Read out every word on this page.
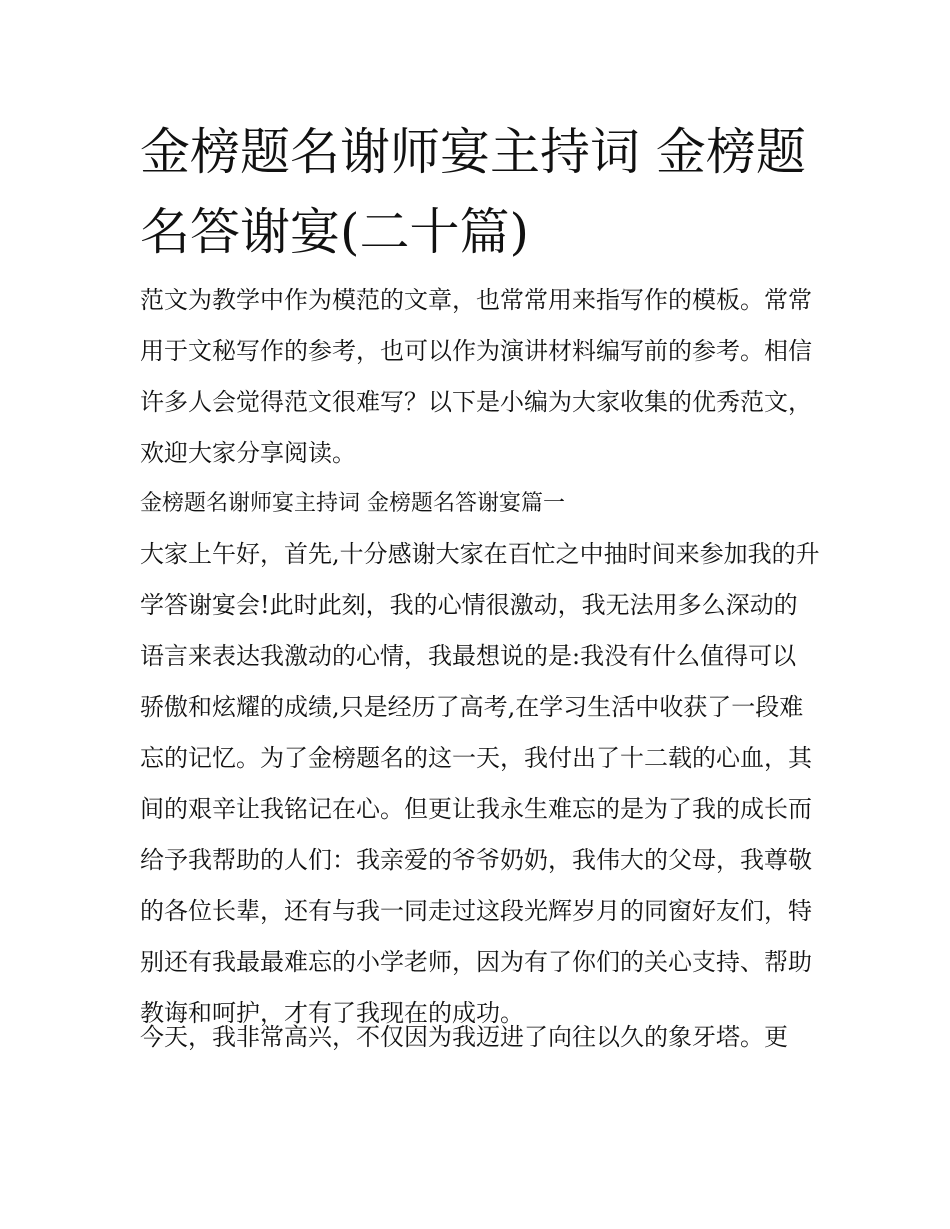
金榜题名谢师宴主持词 金榜题名答谢宴(二十篇)

范文为教学中作为模范的文章，也常常用来指写作的模板。常常用于文秘写作的参考，也可以作为演讲材料编写前的参考。相信许多人会觉得范文很难写？以下是小编为大家收集的优秀范文，欢迎大家分享阅读。

金榜题名谢师宴主持词 金榜题名答谢宴篇一

大家上午好，首先,十分感谢大家在百忙之中抽时间来参加我的升学答谢宴会!此时此刻，我的心情很激动，我无法用多么深动的语言来表达我激动的心情，我最想说的是:我没有什么值得可以骄傲和炫耀的成绩,只是经历了高考,在学习生活中收获了一段难忘的记忆。为了金榜题名的这一天，我付出了十二载的心血，其间的艰辛让我铭记在心。但更让我永生难忘的是为了我的成长而给予我帮助的人们：我亲爱的爷爷奶奶，我伟大的父母，我尊敬的各位长辈，还有与我一同走过这段光辉岁月的同窗好友们，特别还有我最最难忘的小学老师，因为有了你们的关心支持、帮助教诲和呵护，才有了我现在的成功。

今天，我非常高兴，不仅因为我迈进了向往以久的象牙塔。更
